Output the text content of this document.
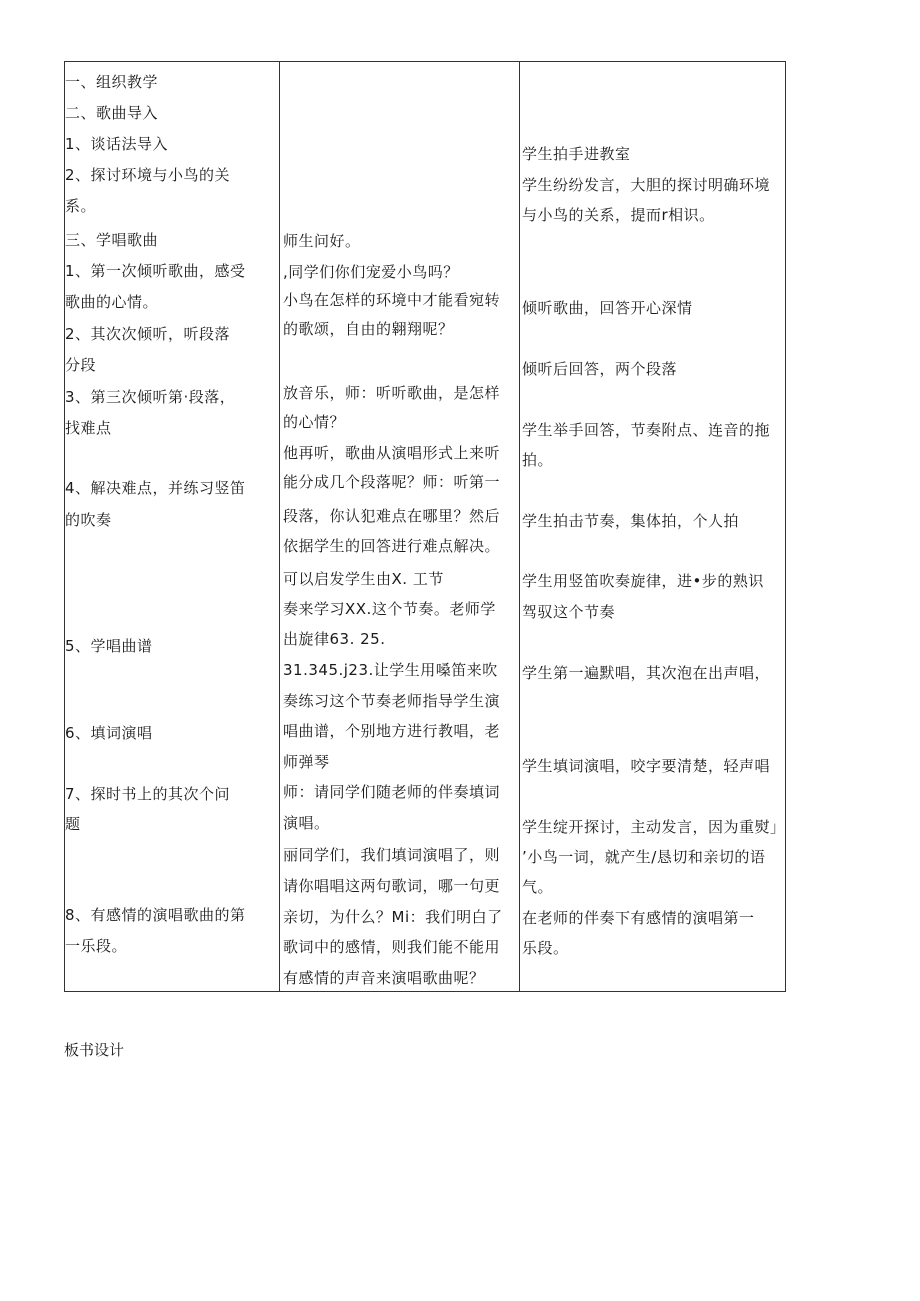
一、组织教学
二、歌曲导入
1、谈话法导入
2、探讨环境与小鸟的关
系。
三、学唱歌曲
1、第一次倾听歌曲，感受
歌曲的心情。
2、其次次倾听，听段落
分段
3、第三次倾听第·段落，
找难点
4、解决难点，并练习竖笛
的吹奏
5、学唱曲谱
6、填词演唱
7、探时书上的其次个问
题
8、有感情的演唱歌曲的第
一乐段。
师生问好。
,同学们你们宠爱小鸟吗？
小鸟在怎样的环境中才能看宛转
的歌颂，自由的翱翔呢？
放音乐，师：听听歌曲，是怎样
的心情？
他再听，歌曲从演唱形式上来听
能分成几个段落呢？师：听第一
段落，你认犯难点在哪里？然后
依据学生的回答进行难点解决。
可以启发学生由X. 工节
奏来学习XX.这个节奏。老师学
出旋律63. 25.
31.345.j23.让学生用嗓笛来吹
奏练习这个节奏老师指导学生演
唱曲谱，个别地方进行教唱，老
师弹琴
师：请同学们随老师的伴奏填词
演唱。
丽同学们，我们填词演唱了，则
请你唱唱这两句歌词，哪一句更
亲切，为什么？Mi：我们明白了
歌词中的感情，则我们能不能用
有感情的声音来演唱歌曲呢？
学生拍手进教室
学生纷纷发言，大胆的探讨明确环境
与小鸟的关系，提而r相识。
倾听歌曲，回答开心深情
倾听后回答，两个段落
学生举手回答，节奏附点、连音的拖
拍。
学生拍击节奏，集体拍，个人拍
学生用竖笛吹奏旋律，进•步的熟识
驾驭这个节奏
学生第一遍默唱，其次泡在出声唱，
学生填词演唱，咬字要清楚，轻声唱
学生绽开探讨，主动发言，因为重熨」
’小鸟一词，就产生/恳切和亲切的语
气。
在老师的伴奏下有感情的演唱第一
乐段。
板书设计
